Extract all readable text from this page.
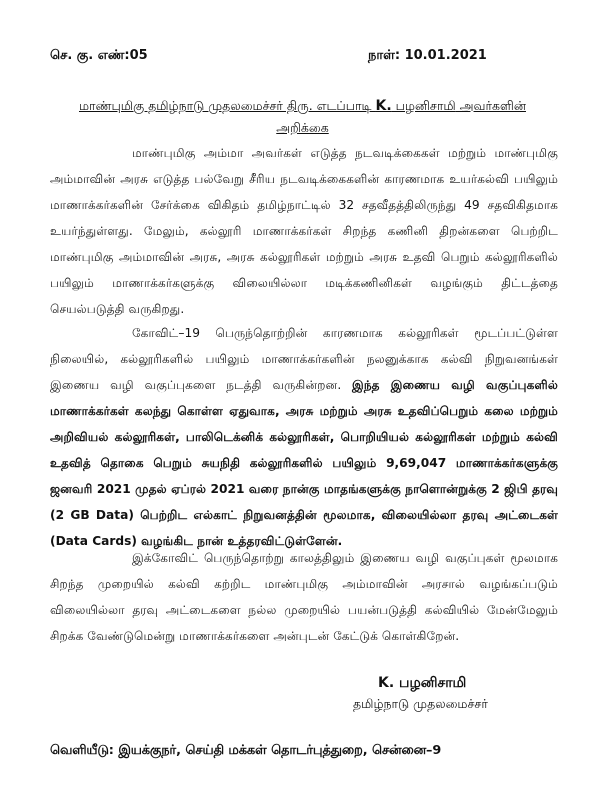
செ. கு. எண்:05	நாள்: 10.01.2021
மாண்புமிகு தமிழ்நாடு முதலமைச்சர் திரு. எடப்பாடி K. பழனிசாமி அவர்களின் அறிக்கை

மாண்புமிகு அம்மா அவர்கள் எடுத்த நடவடிக்கைகள் மற்றும் மாண்புமிகு அம்மாவின் அரசு எடுத்த பல்வேறு சீரிய நடவடிக்கைகளின் காரணமாக உயர்கல்வி பயிலும் மாணாக்கர்களின் சேர்க்கை விகிதம் தமிழ்நாட்டில் 32 சதவீதத்திலிருந்து 49 சதவிகிதமாக உயர்ந்துள்ளது. மேலும், கல்லூரி மாணாக்கர்கள் சிறந்த கணினி திறன்களை பெற்றிட மாண்புமிகு அம்மாவின் அரசு, அரசு கல்லூரிகள் மற்றும் அரசு உதவி பெறும் கல்லூரிகளில் பயிலும் மாணாக்கர்களுக்கு விலையில்லா மடிக்கணினிகள் வழங்கும் திட்டத்தை செயல்படுத்தி வருகிறது.

கோவிட்–19 பெருந்தொற்றின் காரணமாக கல்லூரிகள் மூடப்பட்டுள்ள நிலையில், கல்லூரிகளில் பயிலும் மாணாக்கர்களின் நலனுக்காக கல்வி நிறுவனங்கள் இணைய வழி வகுப்புகளை நடத்தி வருகின்றன. இந்த இணைய வழி வகுப்புகளில் மாணாக்கர்கள் கலந்து கொள்ள ஏதுவாக, அரசு மற்றும் அரசு உதவிப்பெறும் கலை மற்றும் அறிவியல் கல்லூரிகள், பாலிடெக்னிக் கல்லூரிகள், பொறியியல் கல்லூரிகள் மற்றும் கல்வி உதவித் தொகை பெறும் சுயநிதி கல்லூரிகளில் பயிலும் 9,69,047 மாணாக்கர்களுக்கு ஜனவரி 2021 முதல் ஏப்ரல் 2021 வரை நான்கு மாதங்களுக்கு நாளொன்றுக்கு 2 ஜிபி தரவு (2 GB Data) பெற்றிட எல்காட் நிறுவனத்தின் மூலமாக, விலையில்லா தரவு அட்டைகள் (Data Cards) வழங்கிட நான் உத்தரவிட்டுள்ளேன்.

இக்கோவிட் பெருந்தொற்று காலத்திலும் இணைய வழி வகுப்புகள் மூலமாக சிறந்த முறையில் கல்வி கற்றிட மாண்புமிகு அம்மாவின் அரசால் வழங்கப்படும் விலையில்லா தரவு அட்டைகளை நல்ல முறையில் பயன்படுத்தி கல்வியில் மேன்மேலும் சிறக்க வேண்டுமென்று மாணாக்கர்களை அன்புடன் கேட்டுக் கொள்கிறேன்.

K. பழனிசாமி
தமிழ்நாடு முதலமைச்சர்
வெளியீடு: இயக்குநர், செய்தி மக்கள் தொடர்புத்துறை, சென்னை–9
